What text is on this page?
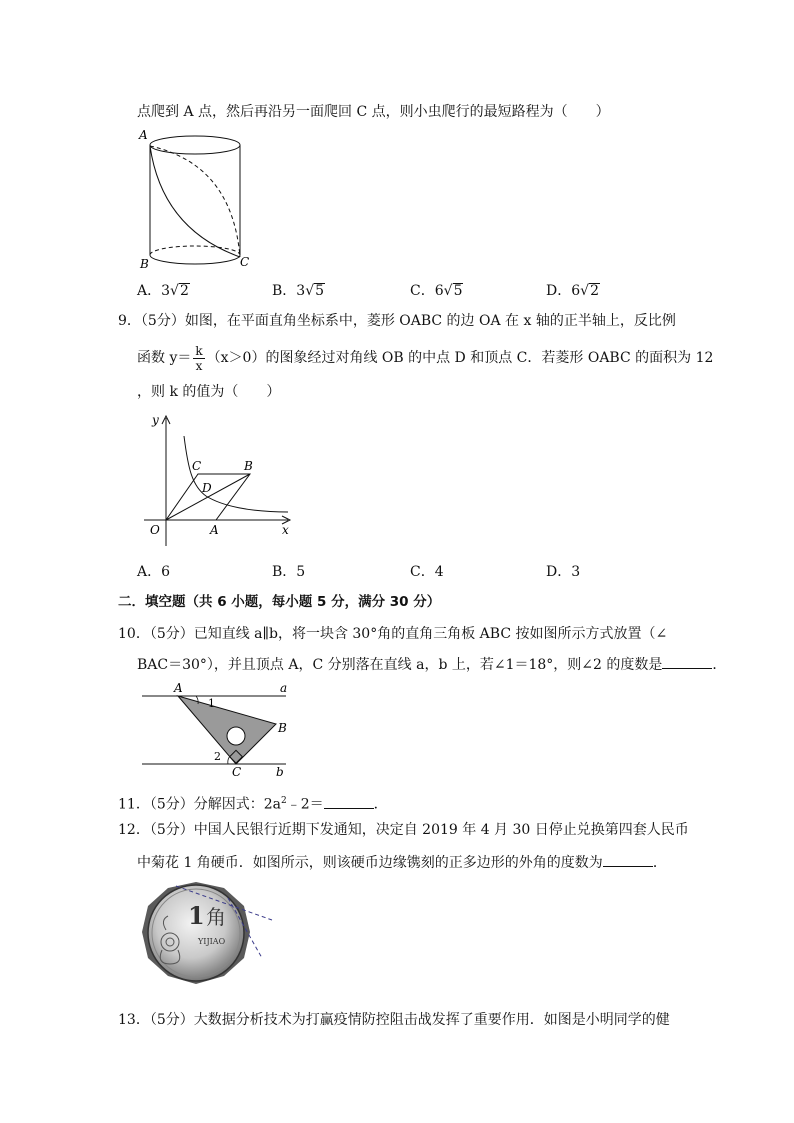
点爬到 A 点，然后再沿另一面爬回 C 点，则小虫爬行的最短路程为（　　）
A
B	C
A．3√2	B．3√5	C．6√5	D．6√2
9．（5分）如图，在平面直角坐标系中，菱形 OABC 的边 OA 在 x 轴的正半轴上，反比例
函数 $y= \frac{k}{x} (x>0)$的图象经过对角线 OB 的中点 D 和顶点 C．若菱形 OABC 的面积为 12
，则 k 的值为（　　）
y
x
O	A
B
C
D
A．6	B．5	C．4	D．3
二．填空题（共 6 小题，每小题 5 分，满分 30 分）
10．（5分）已知直线 a∥b，将一块含 30°角的直角三角板 ABC 按如图所示方式放置（∠
BAC＝30°），并且顶点 A，C 分别落在直线 a，b 上，若∠1＝18°，则∠2 的度数是	．
A	a
1
B
2
C	b
11．（5分）分解因式：$2a^2﹣2=$	．
12．（5分）中国人民银行近期下发通知，决定自 2019 年 4 月 30 日停止兑换第四套人民币
中菊花 1 角硬币．如图所示，则该硬币边缘镌刻的正多边形的外角的度数为	．
1 角
YIJIAO
13．（5分）大数据分析技术为打赢疫情防控阻击战发挥了重要作用．如图是小明同学的健
